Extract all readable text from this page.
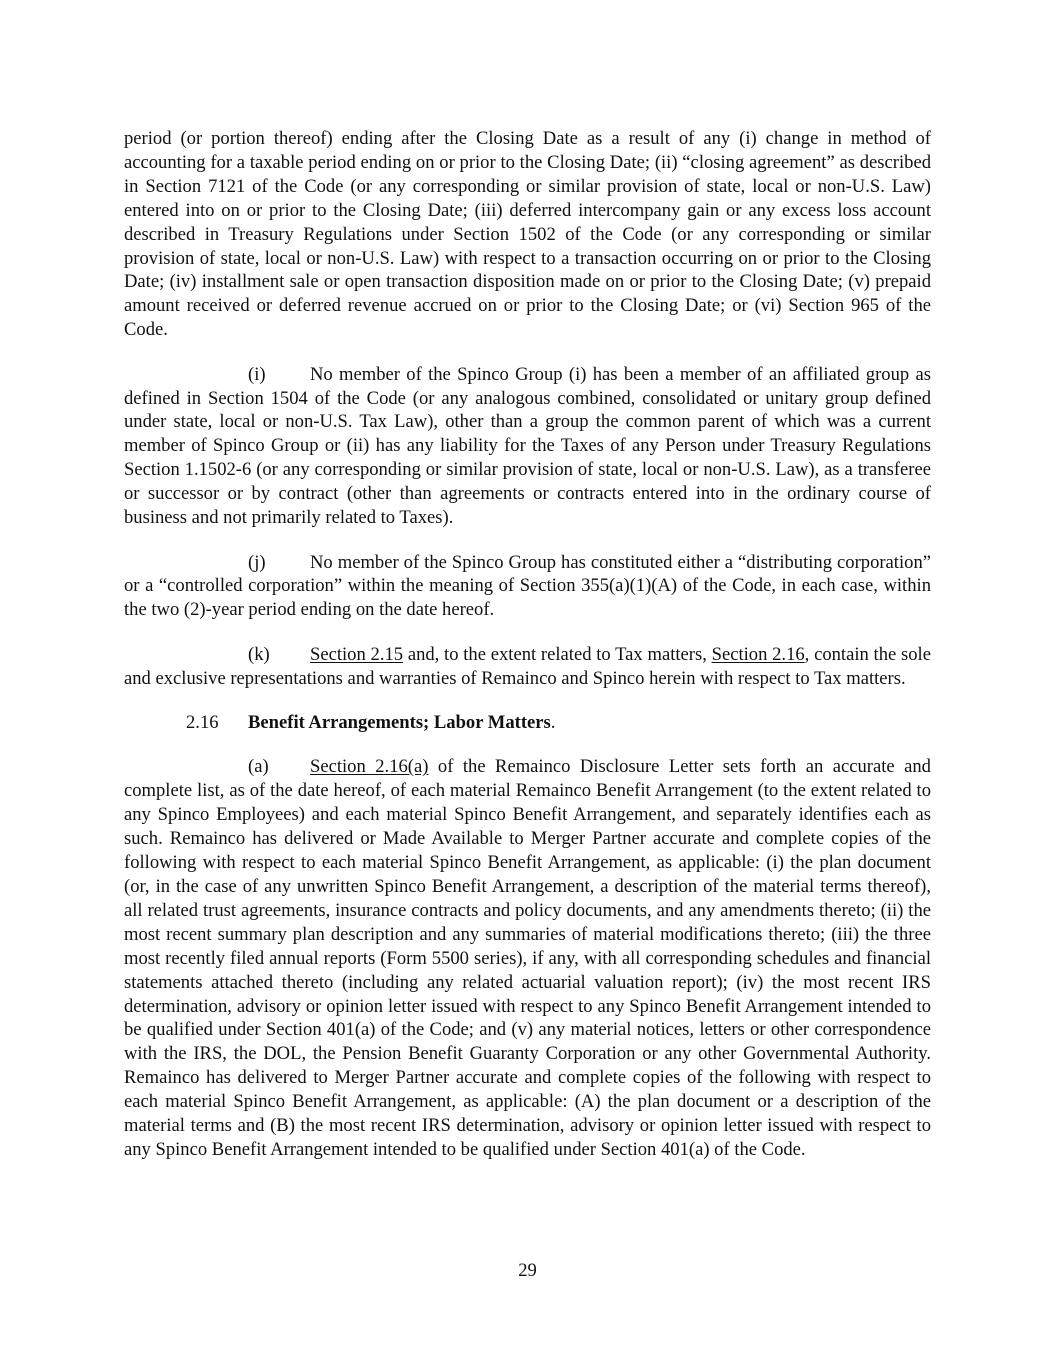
period (or portion thereof) ending after the Closing Date as a result of any (i) change in method of accounting for a taxable period ending on or prior to the Closing Date; (ii) “closing agreement” as described in Section 7121 of the Code (or any corresponding or similar provision of state, local or non-U.S. Law) entered into on or prior to the Closing Date; (iii) deferred intercompany gain or any excess loss account described in Treasury Regulations under Section 1502 of the Code (or any corresponding or similar provision of state, local or non-U.S. Law) with respect to a transaction occurring on or prior to the Closing Date; (iv) installment sale or open transaction disposition made on or prior to the Closing Date; (v) prepaid amount received or deferred revenue accrued on or prior to the Closing Date; or (vi) Section 965 of the Code.

(i) No member of the Spinco Group (i) has been a member of an affiliated group as defined in Section 1504 of the Code (or any analogous combined, consolidated or unitary group defined under state, local or non-U.S. Tax Law), other than a group the common parent of which was a current member of Spinco Group or (ii) has any liability for the Taxes of any Person under Treasury Regulations Section 1.1502-6 (or any corresponding or similar provision of state, local or non-U.S. Law), as a transferee or successor or by contract (other than agreements or contracts entered into in the ordinary course of business and not primarily related to Taxes).

(j) No member of the Spinco Group has constituted either a “distributing corporation” or a “controlled corporation” within the meaning of Section 355(a)(1)(A) of the Code, in each case, within the two (2)-year period ending on the date hereof.

(k) Section 2.15 and, to the extent related to Tax matters, Section 2.16, contain the sole and exclusive representations and warranties of Remainco and Spinco herein with respect to Tax matters.

2.16 Benefit Arrangements; Labor Matters.

(a) Section 2.16(a) of the Remainco Disclosure Letter sets forth an accurate and complete list, as of the date hereof, of each material Remainco Benefit Arrangement (to the extent related to any Spinco Employees) and each material Spinco Benefit Arrangement, and separately identifies each as such. Remainco has delivered or Made Available to Merger Partner accurate and complete copies of the following with respect to each material Spinco Benefit Arrangement, as applicable: (i) the plan document (or, in the case of any unwritten Spinco Benefit Arrangement, a description of the material terms thereof), all related trust agreements, insurance contracts and policy documents, and any amendments thereto; (ii) the most recent summary plan description and any summaries of material modifications thereto; (iii) the three most recently filed annual reports (Form 5500 series), if any, with all corresponding schedules and financial statements attached thereto (including any related actuarial valuation report); (iv) the most recent IRS determination, advisory or opinion letter issued with respect to any Spinco Benefit Arrangement intended to be qualified under Section 401(a) of the Code; and (v) any material notices, letters or other correspondence with the IRS, the DOL, the Pension Benefit Guaranty Corporation or any other Governmental Authority. Remainco has delivered to Merger Partner accurate and complete copies of the following with respect to each material Spinco Benefit Arrangement, as applicable: (A) the plan document or a description of the material terms and (B) the most recent IRS determination, advisory or opinion letter issued with respect to any Spinco Benefit Arrangement intended to be qualified under Section 401(a) of the Code.

29
